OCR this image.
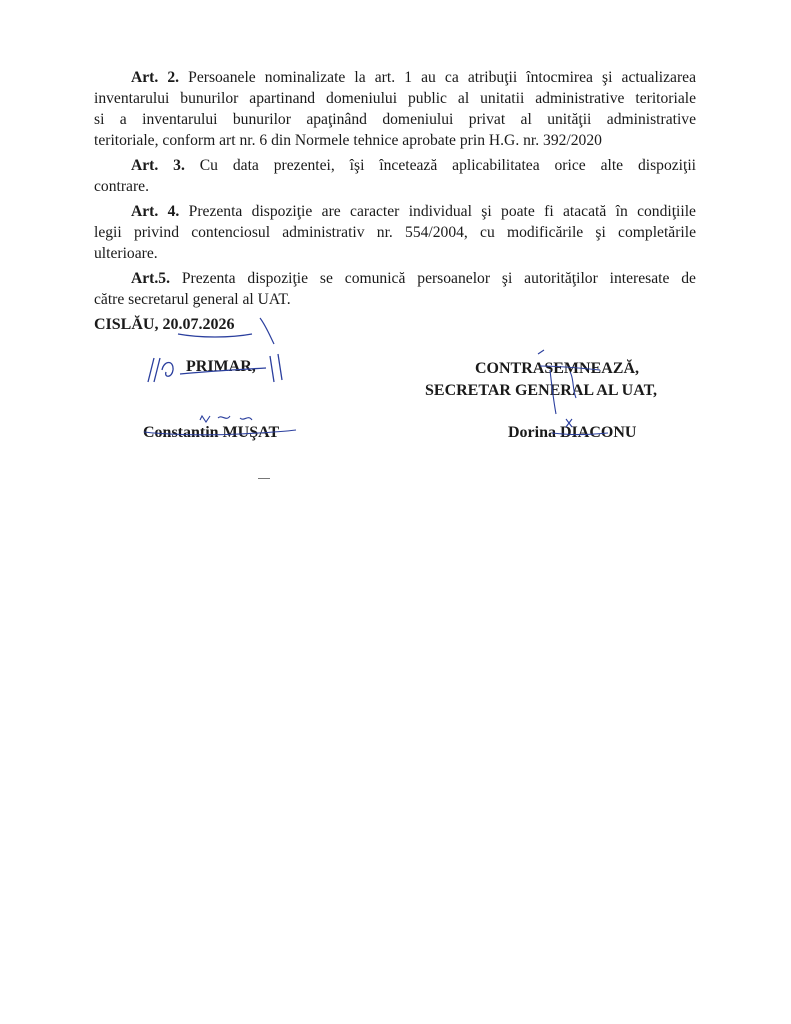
Art. 2. Persoanele nominalizate la art. 1 au ca atribuţii întocmirea şi actualizarea
inventarului bunurilor apartinand domeniului public al unitatii administrative teritoriale
si a inventarului bunurilor apaţinând domeniului privat al unităţii administrative
teritoriale, conform art nr. 6 din Normele tehnice aprobate prin H.G. nr. 392/2020
Art. 3. Cu data prezentei, îşi încetează aplicabilitatea orice alte dispoziţii
contrare.
Art. 4. Prezenta dispoziţie are caracter individual şi poate fi atacată în condiţiile
legii privind contenciosul administrativ nr. 554/2004, cu modificările şi completările
ulterioare.
Art.5. Prezenta dispoziţie se comunică persoanelor şi autorităţilor interesate de
către secretarul general al UAT.
CISLĂU, 20.07.2026
PRIMAR,
Constantin MUŞAT
CONTRASEMNEAZĂ,
SECRETAR GENERAL AL UAT,
Dorina DIACONU
